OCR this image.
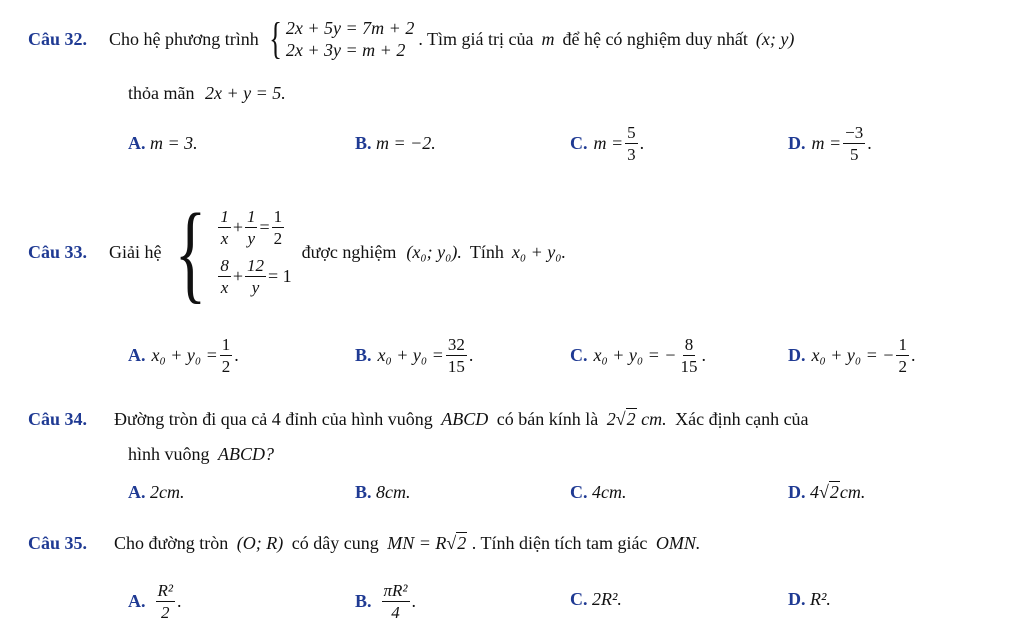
Câu 32. Cho hệ phương trình { 2x + 5y = 7m + 2
2x + 3y = m + 2
. Tìm giá trị của m để hệ có nghiệm duy nhất (x; y)
thỏa mãn 2x + y = 5.
A. m = 3.	B. m = −2.	C. $m = \frac{5}{3}$ .	D. $m = \frac{-3}{5}$ .
Câu 33. Giải hệ { $\frac{1}{x} + \frac{1}{y} = \frac{1}{2}$
$\frac{8}{x} + \frac{12}{y} = 1$
được nghiệm (x₀; y₀). Tính x₀ + y₀.
A. $x_0 + y_0 = \frac{1}{2}$ .	B. $x_0 + y_0 = \frac{32}{15}$ .	C. x₀ + y₀ = − $\frac{8}{15}$ .	D. x₀ + y₀ = − $\frac{1}{2}$ .
Câu 34. Đường tròn đi qua cả 4 đỉnh của hình vuông ABCD có bán kính là 2√2 cm. Xác định cạnh của
hình vuông ABCD?
A. 2cm.	B. 8cm.	C. 4cm.	D. 4√2cm.
Câu 35. Cho đường tròn (O; R) có dây cung MN = R√2 . Tính diện tích tam giác OMN.
A. $\frac{\text{R²}}{2}$ .	B. $\frac{\text{πR²}}{4}$ .	C. 2R².	D. R².
